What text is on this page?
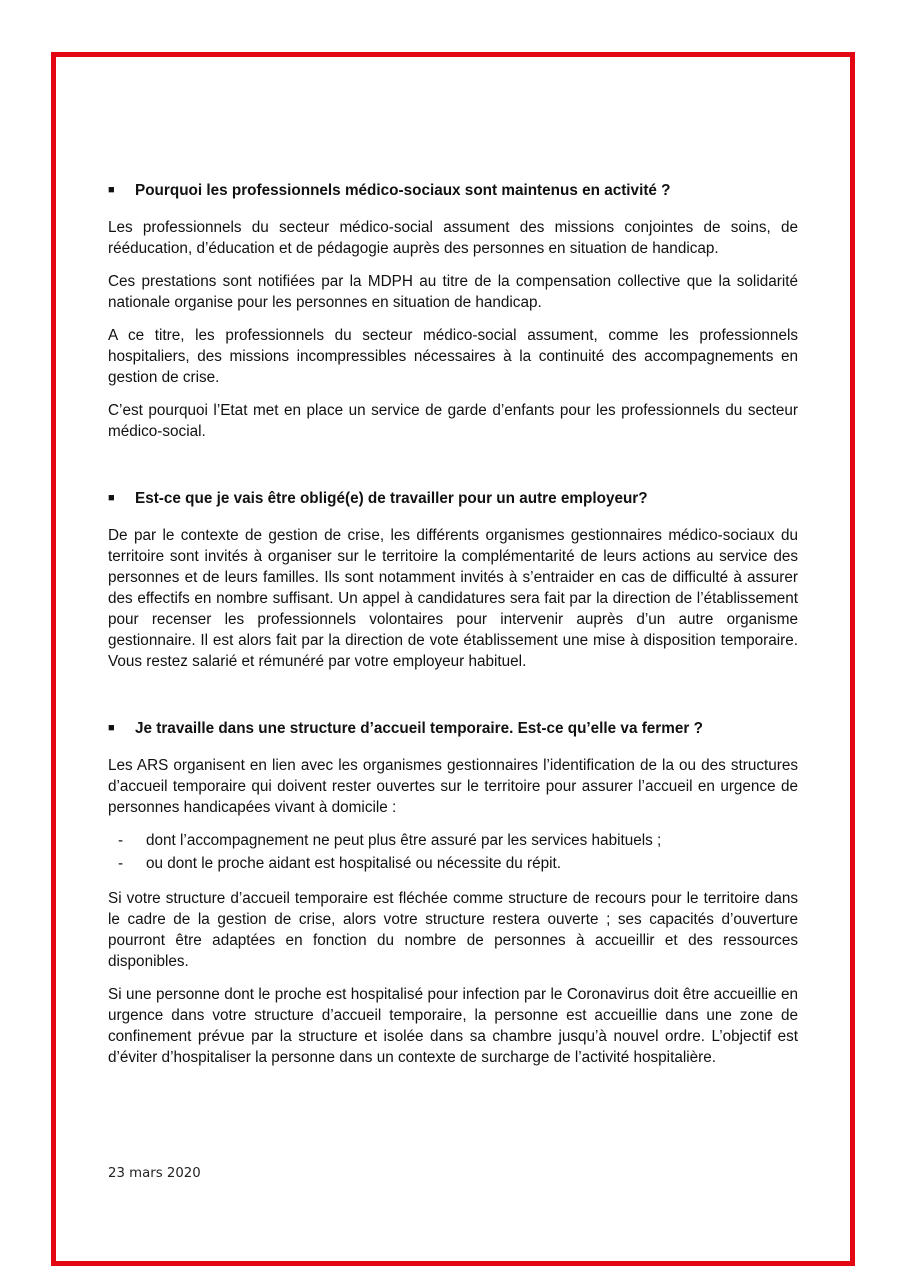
■	Pourquoi les professionnels médico-sociaux sont maintenus en activité ?

Les professionnels du secteur médico-social assument des missions conjointes de soins, de rééducation, d’éducation et de pédagogie auprès des personnes en situation de handicap.

Ces prestations sont notifiées par la MDPH au titre de la compensation collective que la solidarité nationale organise pour les personnes en situation de handicap.

A ce titre, les professionnels du secteur médico-social assument, comme les professionnels hospitaliers, des missions incompressibles nécessaires à la continuité des accompagnements en gestion de crise.

C’est pourquoi l’Etat met en place un service de garde d’enfants pour les professionnels du secteur médico-social.

■	Est-ce que je vais être obligé(e) de travailler pour un autre employeur?

De par le contexte de gestion de crise, les différents organismes gestionnaires médico-sociaux du territoire sont invités à organiser sur le territoire la complémentarité de leurs actions au service des personnes et de leurs familles. Ils sont notamment invités à s’entraider en cas de difficulté à assurer des effectifs en nombre suffisant. Un appel à candidatures sera fait par la direction de l’établissement pour recenser les professionnels volontaires pour intervenir auprès d’un autre organisme gestionnaire. Il est alors fait par la direction de vote établissement une mise à disposition temporaire. Vous restez salarié et rémunéré par votre employeur habituel.

■	Je travaille dans une structure d’accueil temporaire. Est-ce qu’elle va fermer ?

Les ARS organisent en lien avec les organismes gestionnaires l’identification de la ou des structures d’accueil temporaire qui doivent rester ouvertes sur le territoire pour assurer l’accueil en urgence de personnes handicapées vivant à domicile :

-	dont l’accompagnement ne peut plus être assuré par les services habituels ;
-	ou dont le proche aidant est hospitalisé ou nécessite du répit.

Si votre structure d’accueil temporaire est fléchée comme structure de recours pour le territoire dans le cadre de la gestion de crise, alors votre structure restera ouverte ; ses capacités d’ouverture pourront être adaptées en fonction du nombre de personnes à accueillir et des ressources disponibles.

Si une personne dont le proche est hospitalisé pour infection par le Coronavirus doit être accueillie en urgence dans votre structure d’accueil temporaire, la personne est accueillie dans une zone de confinement prévue par la structure et isolée dans sa chambre jusqu’à nouvel ordre. L’objectif est d’éviter d’hospitaliser la personne dans un contexte de surcharge de l’activité hospitalière.

23 mars 2020
